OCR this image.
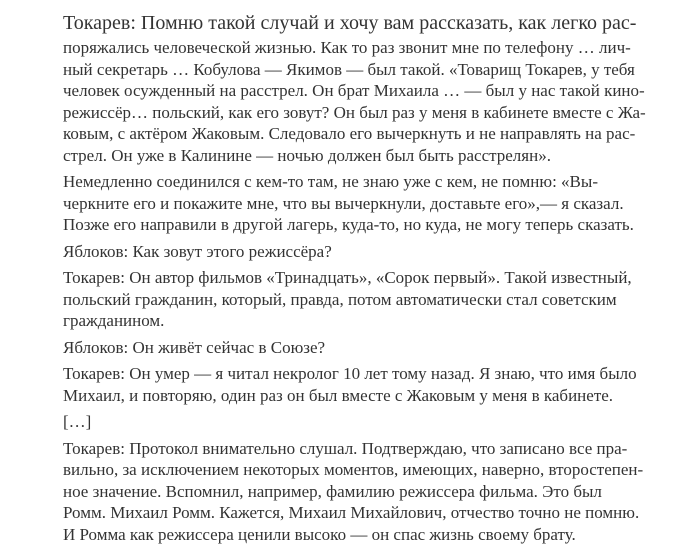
Токарев: Помню такой случай и хочу вам рассказать, как легко рас-
поряжались человеческой жизнью. Как то раз звонит мне по телефону … лич-
ный секретарь … Кобулова — Якимов — был такой. «Товарищ Токарев, у тебя
человек осужденный на расстрел. Он брат Михаила … — был у нас такой кино-
режиссёр… польский, как его зовут? Он был раз у меня в кабинете вместе с Жа-
ковым, с актёром Жаковым. Следовало его вычеркнуть и не направлять на рас-
стрел. Он уже в Калинине — ночью должен был быть расстрелян».

Немедленно соединился с кем-то там, не знаю уже с кем, не помню: «Вы-
черкните его и покажите мне, что вы вычеркнули, доставьте его»,— я сказал.
Позже его направили в другой лагерь, куда-то, но куда, не могу теперь сказать.

Яблоков: Как зовут этого режиссёра?

Токарев: Он автор фильмов «Тринадцать», «Сорок первый». Такой известный,
польский гражданин, который, правда, потом автоматически стал советским
гражданином.

Яблоков: Он живёт сейчас в Союзе?

Токарев: Он умер — я читал некролог 10 лет тому назад. Я знаю, что имя было
Михаил, и повторяю, один раз он был вместе с Жаковым у меня в кабинете.

[…]

Токарев: Протокол внимательно слушал. Подтверждаю, что записано все пра-
вильно, за исключением некоторых моментов, имеющих, наверно, второстепен-
ное значение. Вспомнил, например, фамилию режиссера фильма. Это был
Ромм. Михаил Ромм. Кажется, Михаил Михайлович, отчество точно не помню.
И Ромма как режиссера ценили высоко — он спас жизнь своему брату.
